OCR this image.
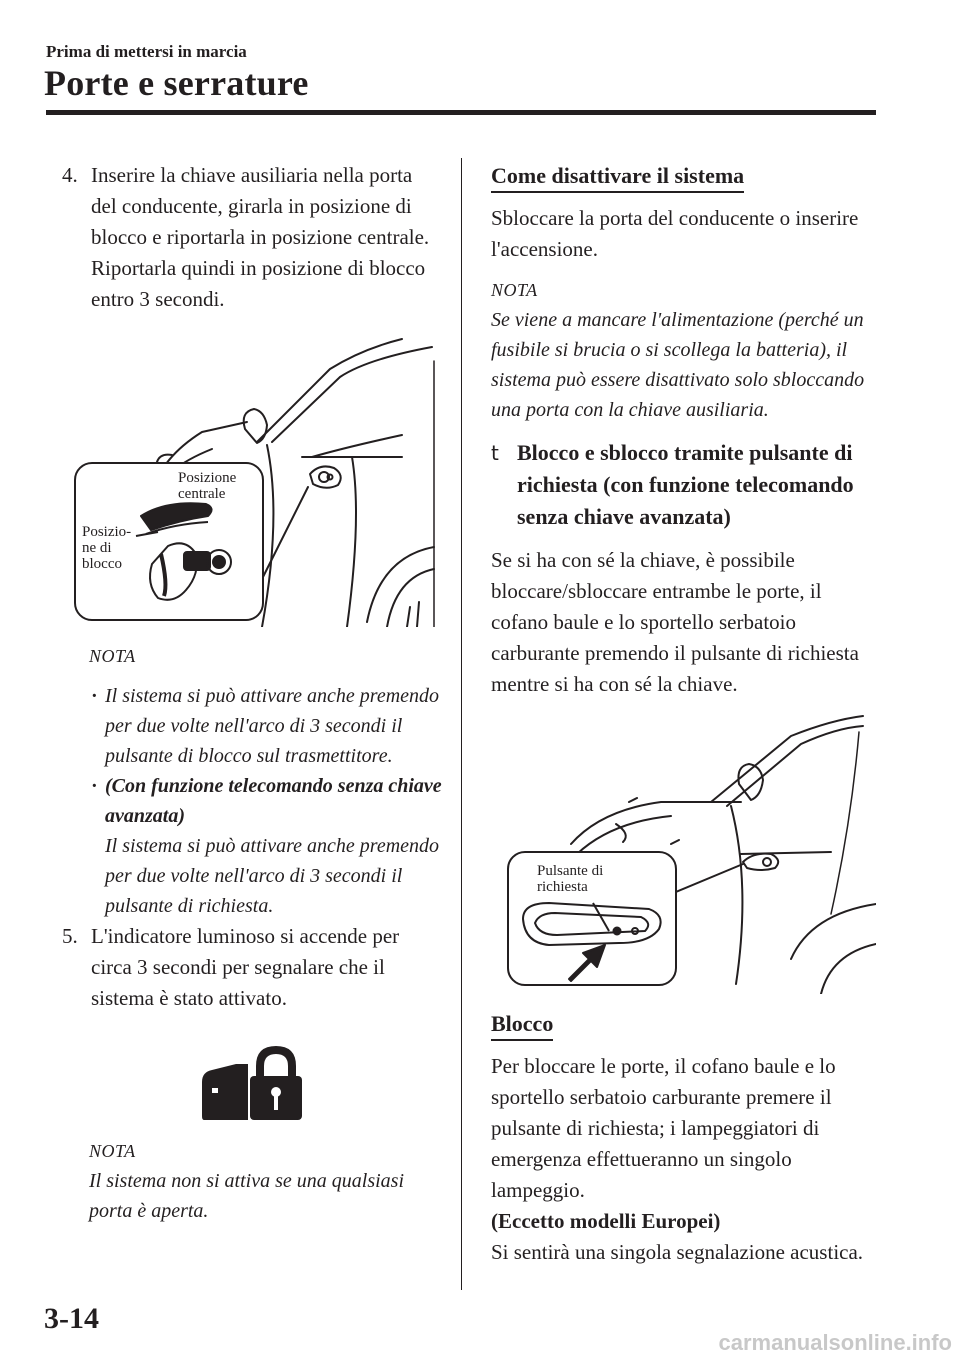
Prima di mettersi in marcia
Porte e serrature
4. Inserire la chiave ausiliaria nella porta del conducente, girarla in posizione di blocco e riportarla in posizione centrale. Riportarla quindi in posizione di blocco entro 3 secondi.

Posizione
centrale
Posizio-
ne di
blocco

NOTA

· Il sistema si può attivare anche premendo per due volte nell'arco di 3 secondi il pulsante di blocco sul trasmettitore.

· (Con funzione telecomando senza chiave avanzata)

Il sistema si può attivare anche premendo per due volte nell'arco di 3 secondi il pulsante di richiesta.

5. L'indicatore luminoso si accende per circa 3 secondi per segnalare che il sistema è stato attivato.

NOTA

Il sistema non si attiva se una qualsiasi porta è aperta.

Come disattivare il sistema

Sbloccare la porta del conducente o inserire l'accensione.

NOTA

Se viene a mancare l'alimentazione (perché un fusibile si brucia o si scollega la batteria), il sistema può essere disattivato solo sbloccando una porta con la chiave ausiliaria.

t Blocco e sblocco tramite pulsante di richiesta (con funzione telecomando senza chiave avanzata)

Se si ha con sé la chiave, è possibile bloccare/sbloccare entrambe le porte, il cofano baule e lo sportello serbatoio carburante premendo il pulsante di richiesta mentre si ha con sé la chiave.

Pulsante di
richiesta
Blocco

Per bloccare le porte, il cofano baule e lo sportello serbatoio carburante premere il pulsante di richiesta; i lampeggiatori di emergenza effettueranno un singolo lampeggio.

(Eccetto modelli Europei)

Si sentirà una singola segnalazione acustica.

3-14
carmanualsonline.info
